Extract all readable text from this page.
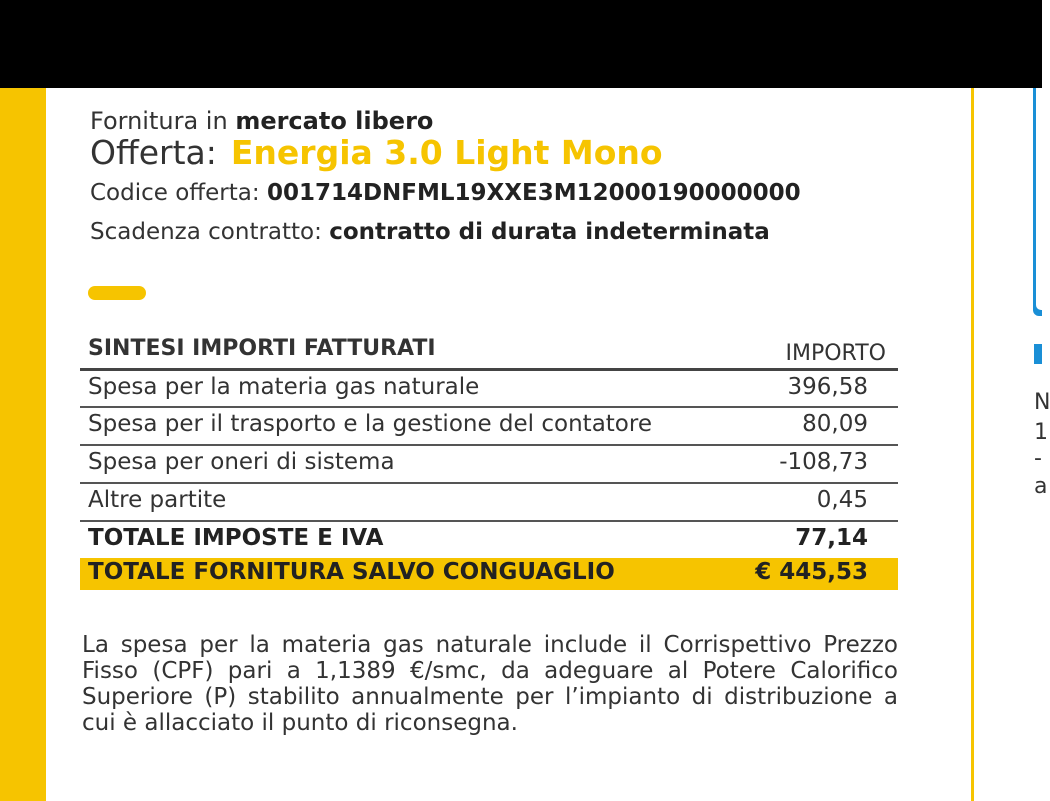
N
1
-
a
Fornitura in mercato libero
Offerta: Energia 3.0 Light Mono
Codice offerta: 001714DNFML19XXE3M12000190000000
Scadenza contratto: contratto di durata indeterminata
SINTESI IMPORTI FATTURATI	IMPORTO
Spesa per la materia gas naturale	396,58
Spesa per il trasporto e la gestione del contatore	80,09
Spesa per oneri di sistema	-108,73
Altre partite	0,45
TOTALE IMPOSTE E IVA	77,14
TOTALE FORNITURA SALVO CONGUAGLIO	€ 445,53
La spesa per la materia gas naturale include il Corrispettivo Prezzo Fisso (CPF) pari a 1,1389 €/smc, da adeguare al Potere Calorifico Superiore (P) stabilito annualmente per l’impianto di distribuzione a cui è allacciato il punto di riconsegna.
